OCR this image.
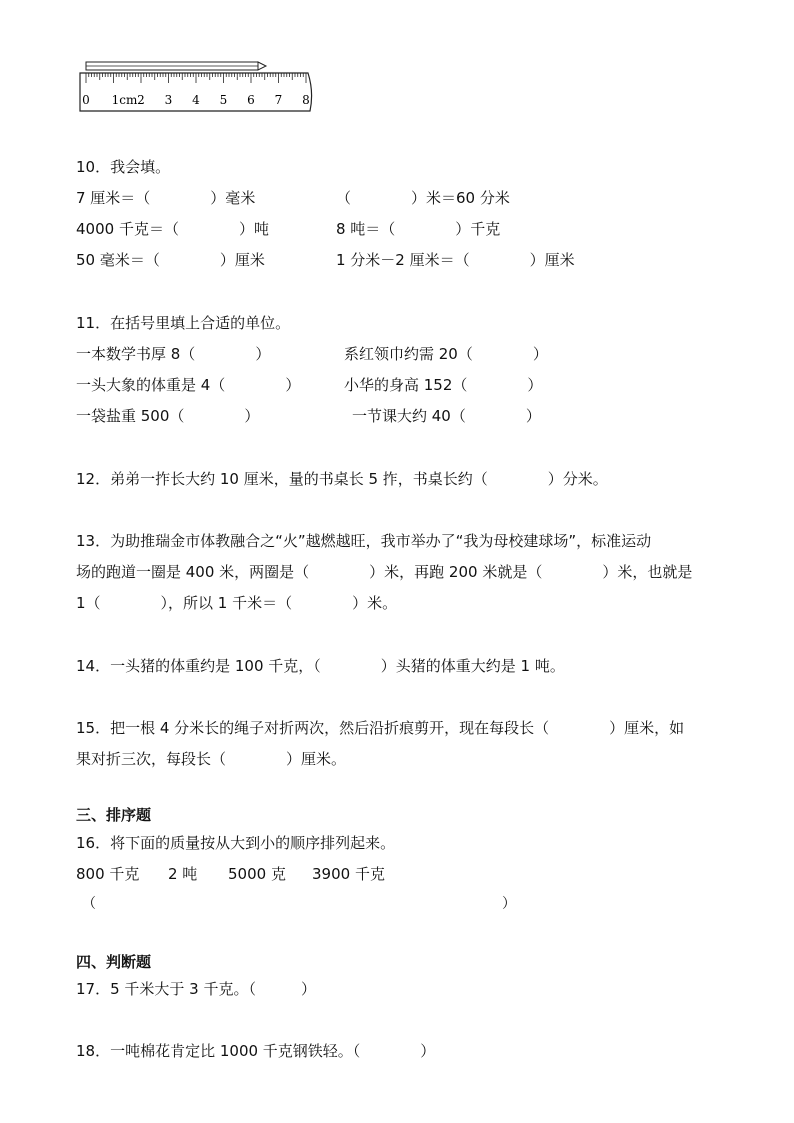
0 1cm 2 3 4 5 6 7 8
10．我会填。
7 厘米＝（　　　　）毫米	（　　　　）米＝60 分米
4000 千克＝（　　　　）吨	8 吨＝（　　　　）千克
50 毫米＝（　　　　）厘米	1 分米－2 厘米＝（　　　　）厘米
11．在括号里填上合适的单位。
一本数学书厚 8（　　　　）	系红领巾约需 20（　　　　）
一头大象的体重是 4（　　　　）	小华的身高 152（　　　　）
一袋盐重 500（　　　　）	一节课大约 40（　　　　）
12．弟弟一拃长大约 10 厘米，量的书桌长 5 拃，书桌长约（　　　　）分米。
13．为助推瑞金市体教融合之“火”越燃越旺，我市举办了“我为母校建球场”，标准运动
场的跑道一圈是 400 米，两圈是（　　　　）米，再跑 200 米就是（　　　　）米，也就是
1（　　　　），所以 1 千米＝（　　　　）米。
14．一头猪的体重约是 100 千克，（　　　　）头猪的体重大约是 1 吨。
15．把一根 4 分米长的绳子对折两次，然后沿折痕剪开，现在每段长（　　　　）厘米，如
果对折三次，每段长（　　　　）厘米。
三、排序题
16．将下面的质量按从大到小的顺序排列起来。
800 千克 2 吨 5000 克 3900 千克
（　　　　　　　　　　　　　　　　　　　　　　　　　　　　　）
四、判断题
17．5 千米大于 3 千克。（　　　）
18．一吨棉花肯定比 1000 千克钢铁轻。（　　　　）
